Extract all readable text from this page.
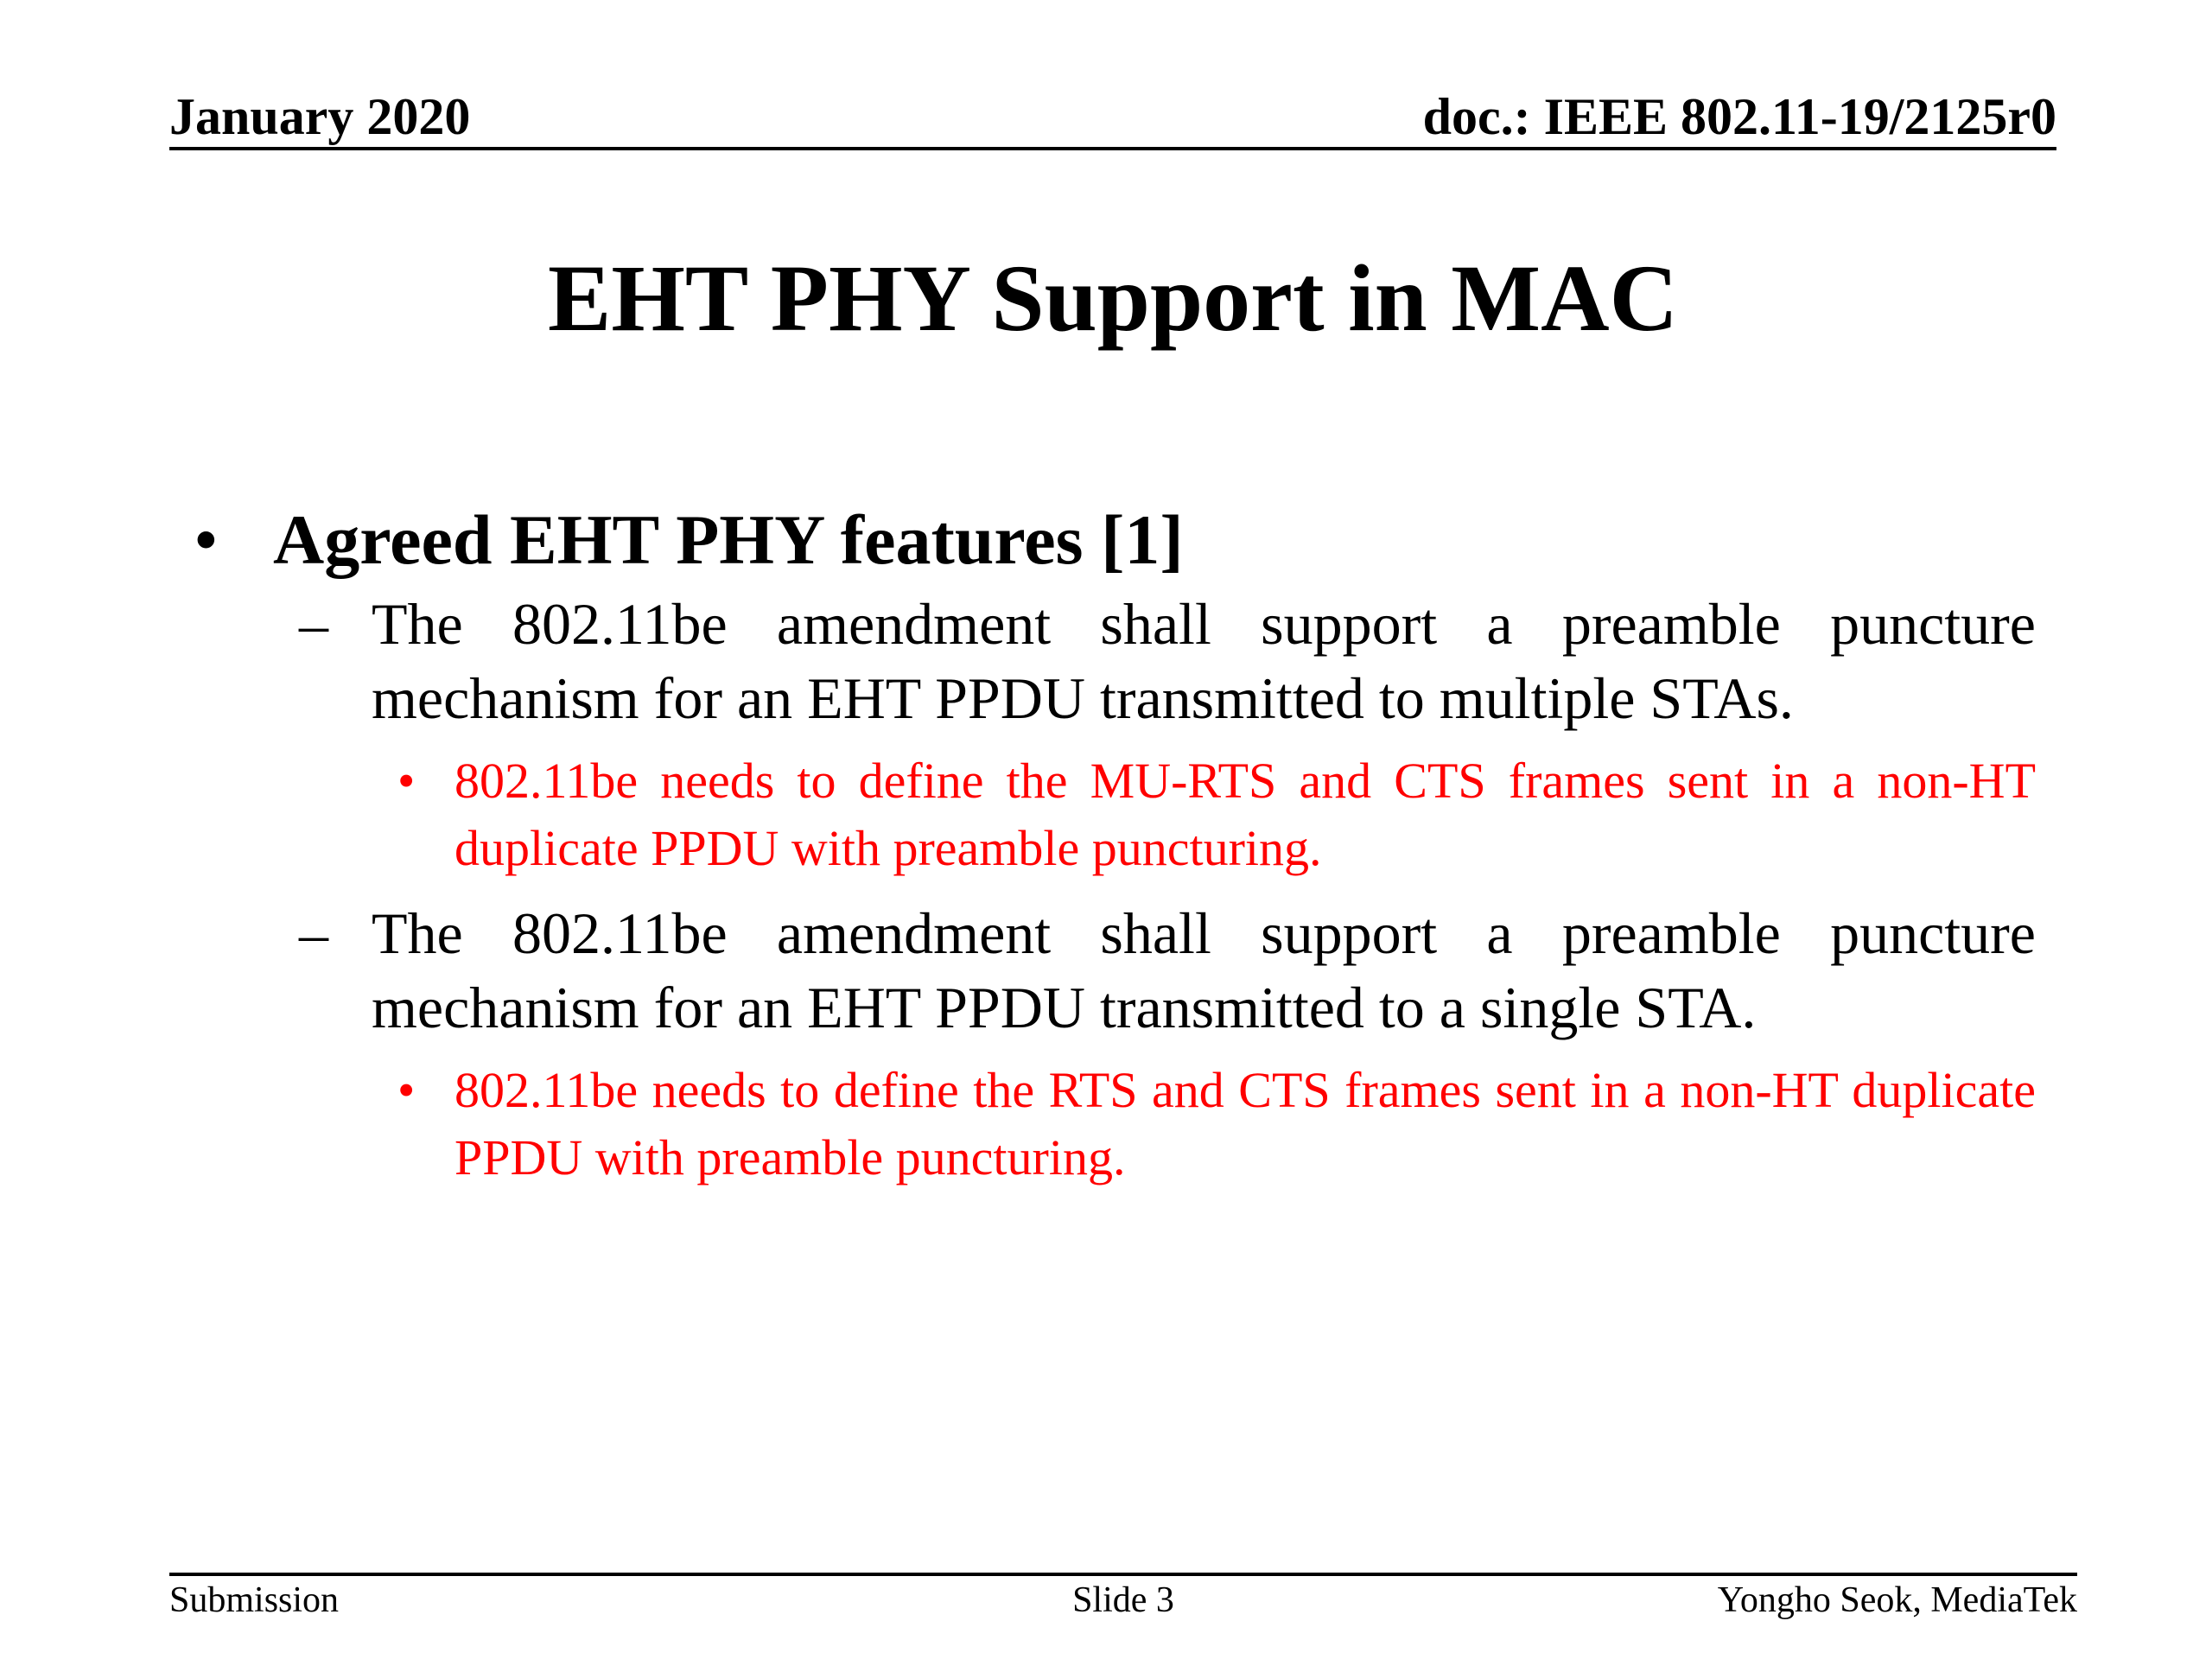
January 2020	doc.: IEEE 802.11-19/2125r0
EHT PHY Support in MAC
• Agreed EHT PHY features [1]
– The 802.11be amendment shall support a preamble puncture mechanism for an EHT PPDU transmitted to multiple STAs.
• 802.11be needs to define the MU-RTS and CTS frames sent in a non-HT duplicate PPDU with preamble puncturing.
– The 802.11be amendment shall support a preamble puncture mechanism for an EHT PPDU transmitted to a single STA.
• 802.11be needs to define the RTS and CTS frames sent in a non-HT duplicate PPDU with preamble puncturing.
Submission	Slide 3	Yongho Seok, MediaTek
